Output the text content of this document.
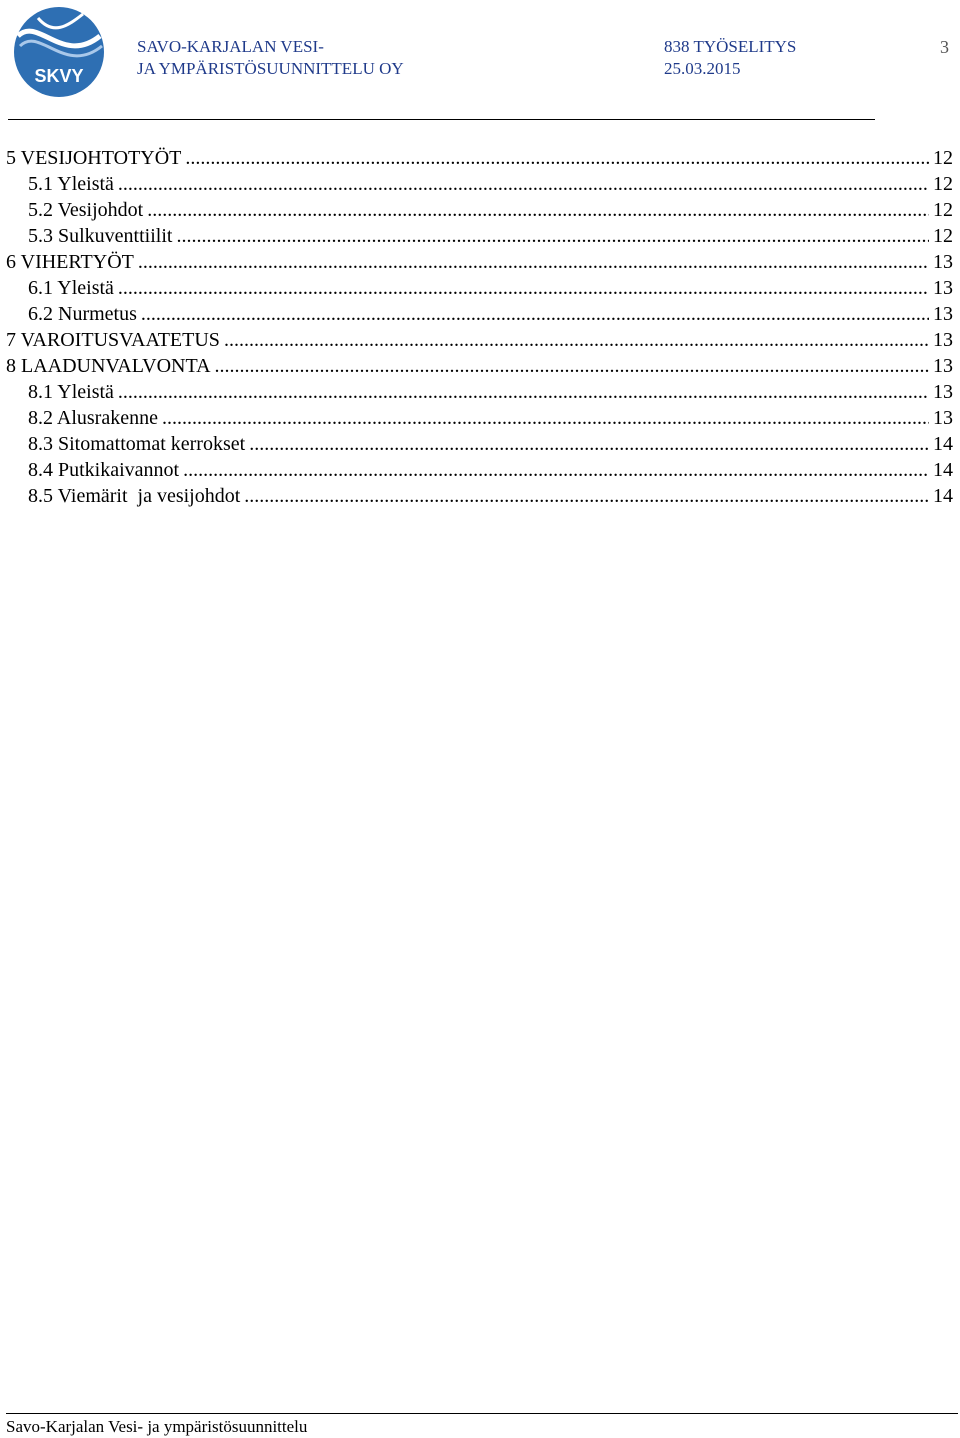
SKVY
SAVO-KARJALAN VESI-
JA YMPÄRISTÖSUUNNITTELU OY
838 TYÖSELITYS
25.03.2015
3
5 VESIJOHTOTYÖT .....	12
5.1 Yleistä .....	12
5.2 Vesijohdot .....	12
5.3 Sulkuventtiilit .....	12
6 VIHERTYÖT .....	13
6.1 Yleistä .....	13
6.2 Nurmetus .....	13
7 VAROITUSVAATETUS .....	13
8 LAADUNVALVONTA .....	13
8.1 Yleistä .....	13
8.2 Alusrakenne .....	13
8.3 Sitomattomat kerrokset .....	14
8.4 Putkikaivannot .....	14
8.5 Viemärit  ja vesijohdot .....	14
Savo-Karjalan Vesi- ja ympäristösuunnittelu
